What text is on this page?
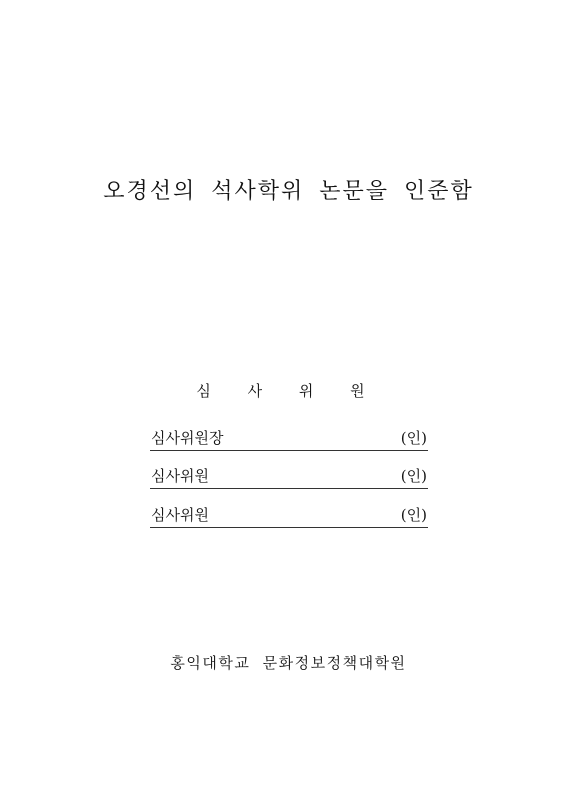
오경선의 석사학위 논문을 인준함
심 사 위 원
심사위원장	(인)
심사위원	(인)
심사위원	(인)
홍익대학교 문화정보정책대학원
